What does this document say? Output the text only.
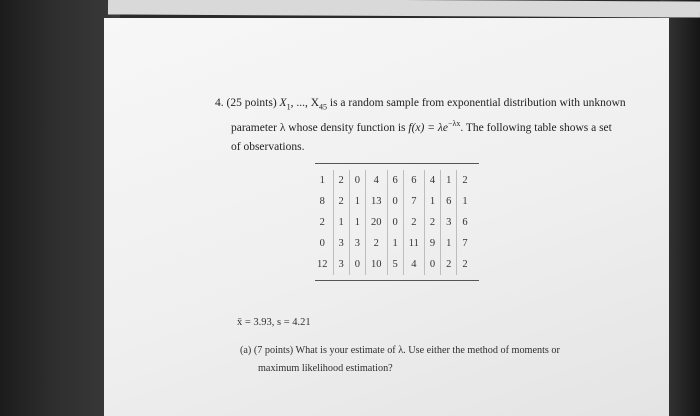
4. (25 points) $X_1$, ..., $X_{45}$ is a random sample from exponential distribution with unknown
parameter λ whose density function is $f(x) = \lambda e^{-\lambda x}$. The following table shows a set
of observations.
1	2	0	4	6	6	4	1	2
8	2	1	13	0	7	1	6	1
2	1	1	20	0	2	2	3	6
0	3	3	2	1	11	9	1	7
12	3	0	10	5	4	0	2	2
x̄ = 3.93, s = 4.21
(a) (7 points) What is your estimate of λ. Use either the method of moments or
maximum likelihood estimation?
